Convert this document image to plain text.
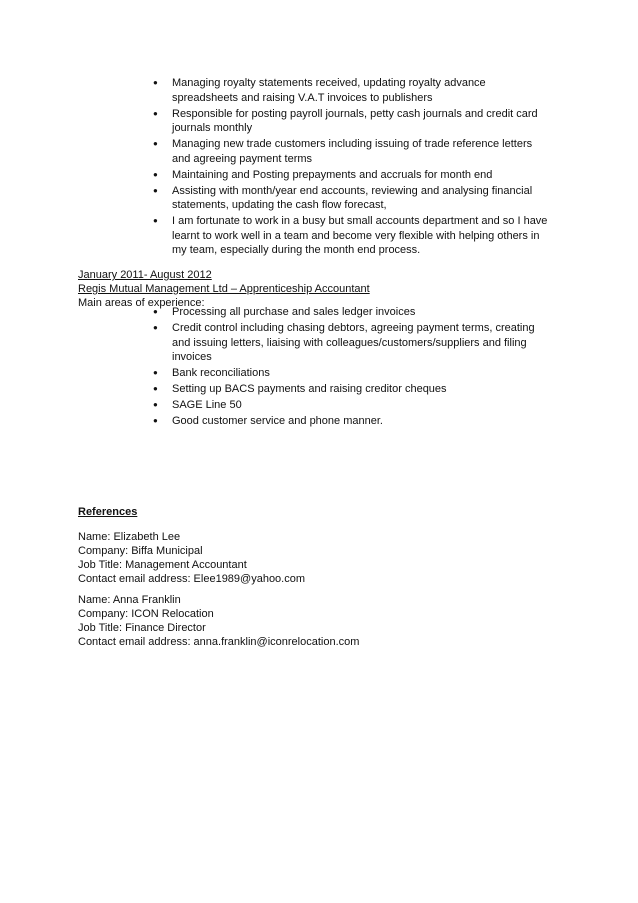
● Managing royalty statements received, updating royalty advance spreadsheets and raising V.A.T invoices to publishers
● Responsible for posting payroll journals, petty cash journals and credit card journals monthly
● Managing new trade customers including issuing of trade reference letters and agreeing payment terms
● Maintaining and Posting prepayments and accruals for month end
● Assisting with month/year end accounts, reviewing and analysing financial statements, updating the cash flow forecast,
● I am fortunate to work in a busy but small accounts department and so I have learnt to work well in a team and become very flexible with helping others in my team, especially during the month end process.
January 2011- August 2012
Regis Mutual Management Ltd – Apprenticeship Accountant
Main areas of experience:
● Processing all purchase and sales ledger invoices
● Credit control including chasing debtors, agreeing payment terms, creating and issuing letters, liaising with colleagues/customers/suppliers and filing invoices
● Bank reconciliations
● Setting up BACS payments and raising creditor cheques
● SAGE Line 50
● Good customer service and phone manner.
References
Name: Elizabeth Lee
Company: Biffa Municipal
Job Title: Management Accountant
Contact email address: Elee1989@yahoo.com
Name: Anna Franklin
Company: ICON Relocation
Job Title: Finance Director
Contact email address: anna.franklin@iconrelocation.com
